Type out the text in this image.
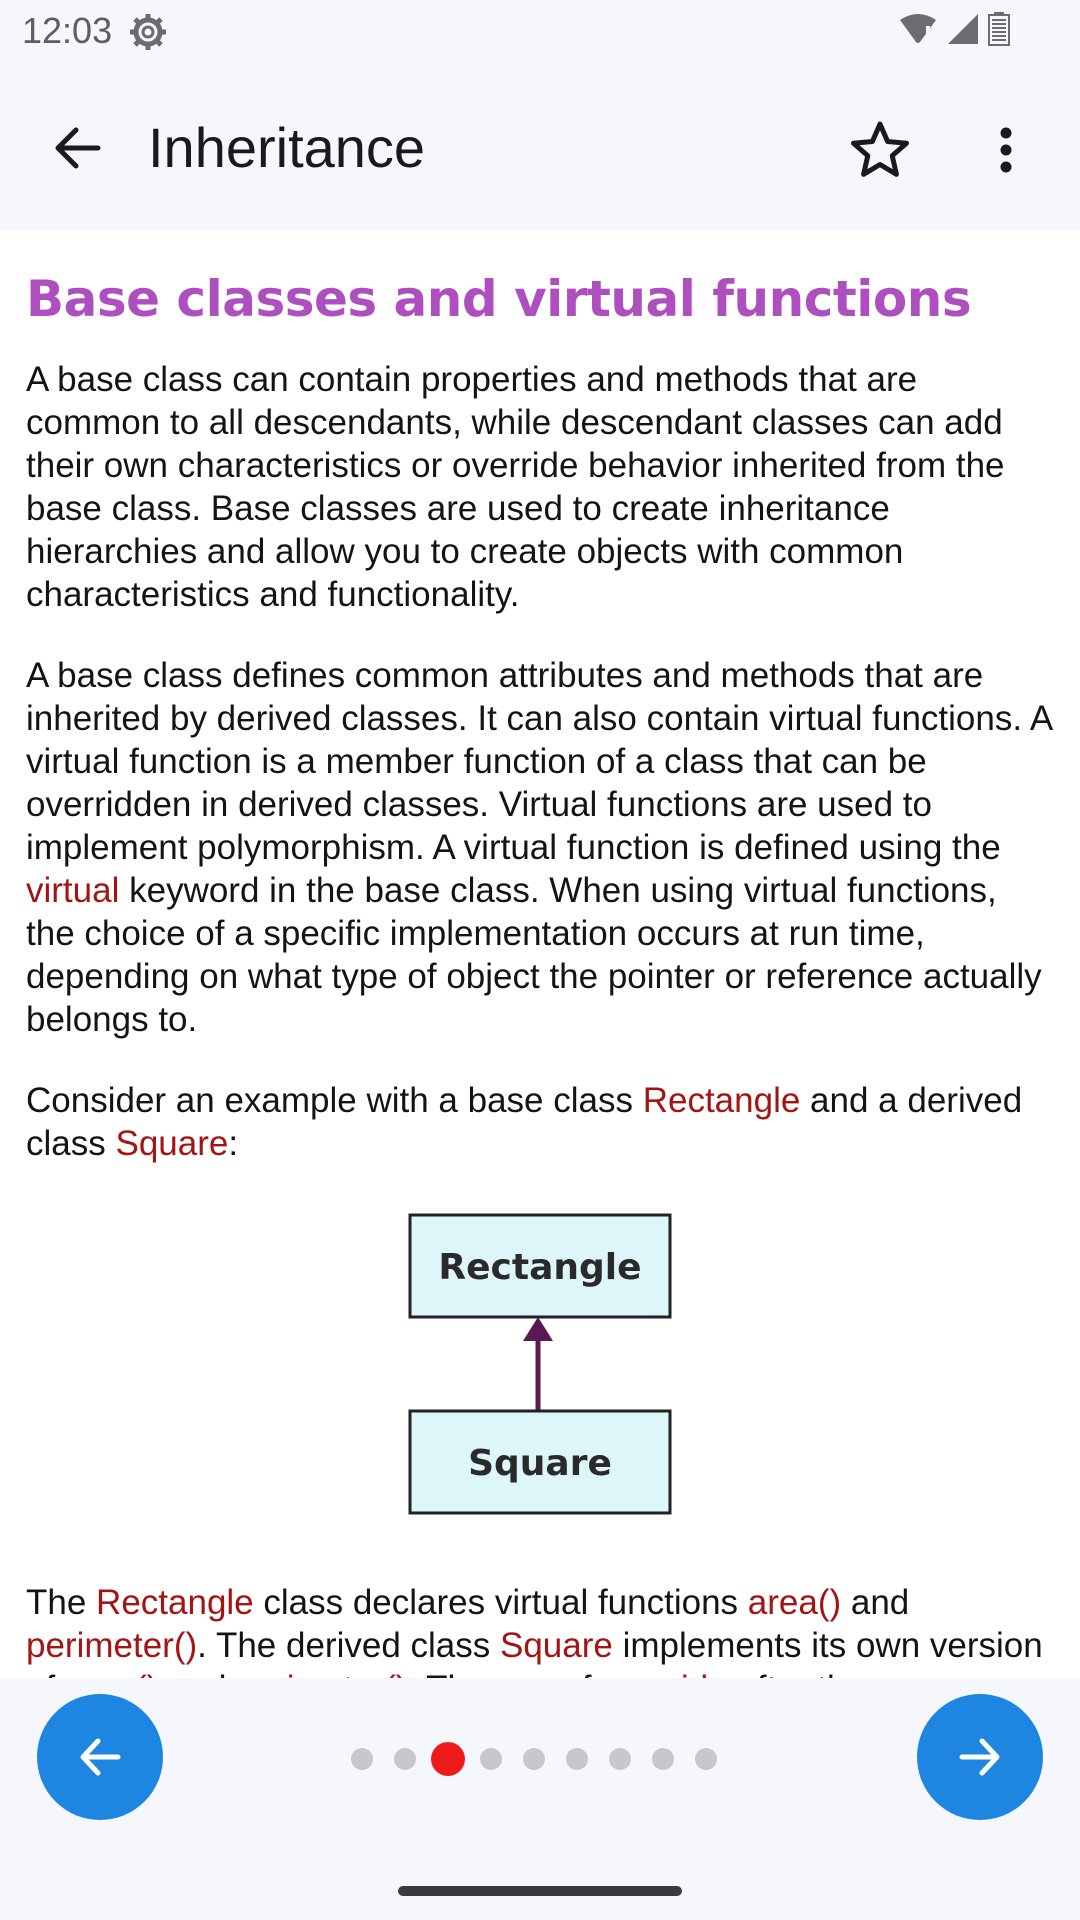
12:03
Inheritance
Base classes and virtual functions

A base class can contain properties and methods that are common to all descendants, while descendant classes can add their own characteristics or override behavior inherited from the base class. Base classes are used to create inheritance hierarchies and allow you to create objects with common characteristics and functionality.

A base class defines common attributes and methods that are inherited by derived classes. It can also contain virtual functions. A virtual function is a member function of a class that can be overridden in derived classes. Virtual functions are used to implement polymorphism. A virtual function is defined using the virtual keyword in the base class. When using virtual functions, the choice of a specific implementation occurs at run time, depending on what type of object the pointer or reference actually belongs to.

Consider an example with a base class Rectangle and a derived class Square:

Rectangle
Square

The Rectangle class declares virtual functions area() and perimeter(). The derived class Square implements its own version
